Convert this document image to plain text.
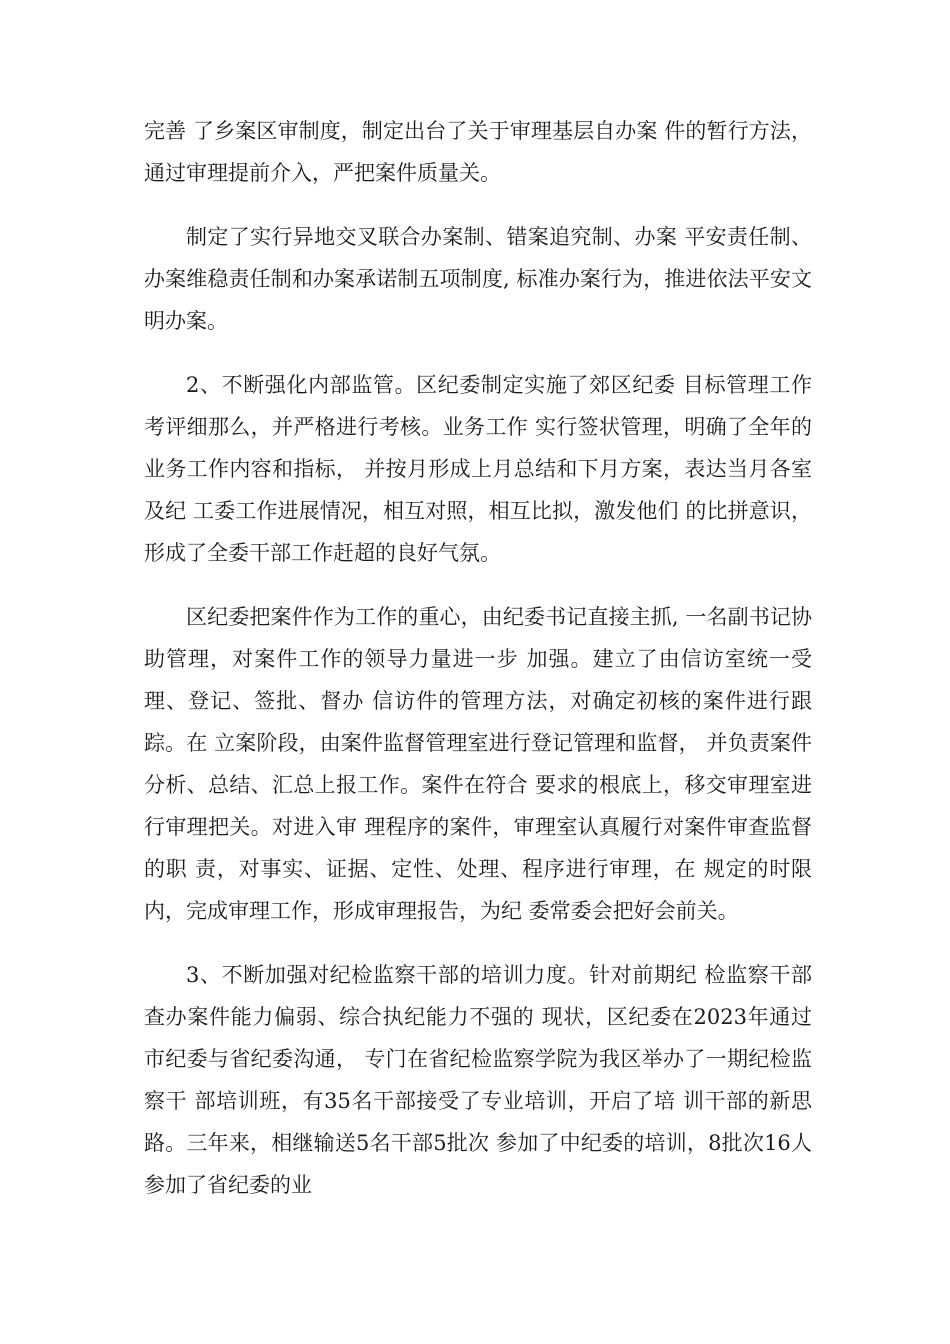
完善 了乡案区审制度，制定出台了关于审理基层自办案 件的暂行方法，通过审理提前介入，严把案件质量关。

制定了实行异地交叉联合办案制、错案追究制、办案 平安责任制、办案维稳责任制和办案承诺制五项制度, 标准办案行为，推进依法平安文明办案。

2、不断强化内部监管。区纪委制定实施了郊区纪委 目标管理工作考评细那么，并严格进行考核。业务工作 实行签状管理，明确了全年的业务工作内容和指标， 并按月形成上月总结和下月方案，表达当月各室及纪 工委工作进展情况，相互对照，相互比拟，激发他们 的比拼意识，形成了全委干部工作赶超的良好气氛。

区纪委把案件作为工作的重心，由纪委书记直接主抓, 一名副书记协助管理，对案件工作的领导力量进一步 加强。建立了由信访室统一受理、登记、签批、督办 信访件的管理方法，对确定初核的案件进行跟踪。在 立案阶段，由案件监督管理室进行登记管理和监督， 并负责案件分析、总结、汇总上报工作。案件在符合 要求的根底上，移交审理室进行审理把关。对进入审 理程序的案件，审理室认真履行对案件审查监督的职 责，对事实、证据、定性、处理、程序进行审理，在 规定的时限内，完成审理工作，形成审理报告，为纪 委常委会把好会前关。

3、不断加强对纪检监察干部的培训力度。针对前期纪 检监察干部查办案件能力偏弱、综合执纪能力不强的 现状，区纪委在2023年通过市纪委与省纪委沟通， 专门在省纪检监察学院为我区举办了一期纪检监察干 部培训班，有35名干部接受了专业培训，开启了培 训干部的新思路。三年来，相继输送5名干部5批次 参加了中纪委的培训，8批次16人参加了省纪委的业
